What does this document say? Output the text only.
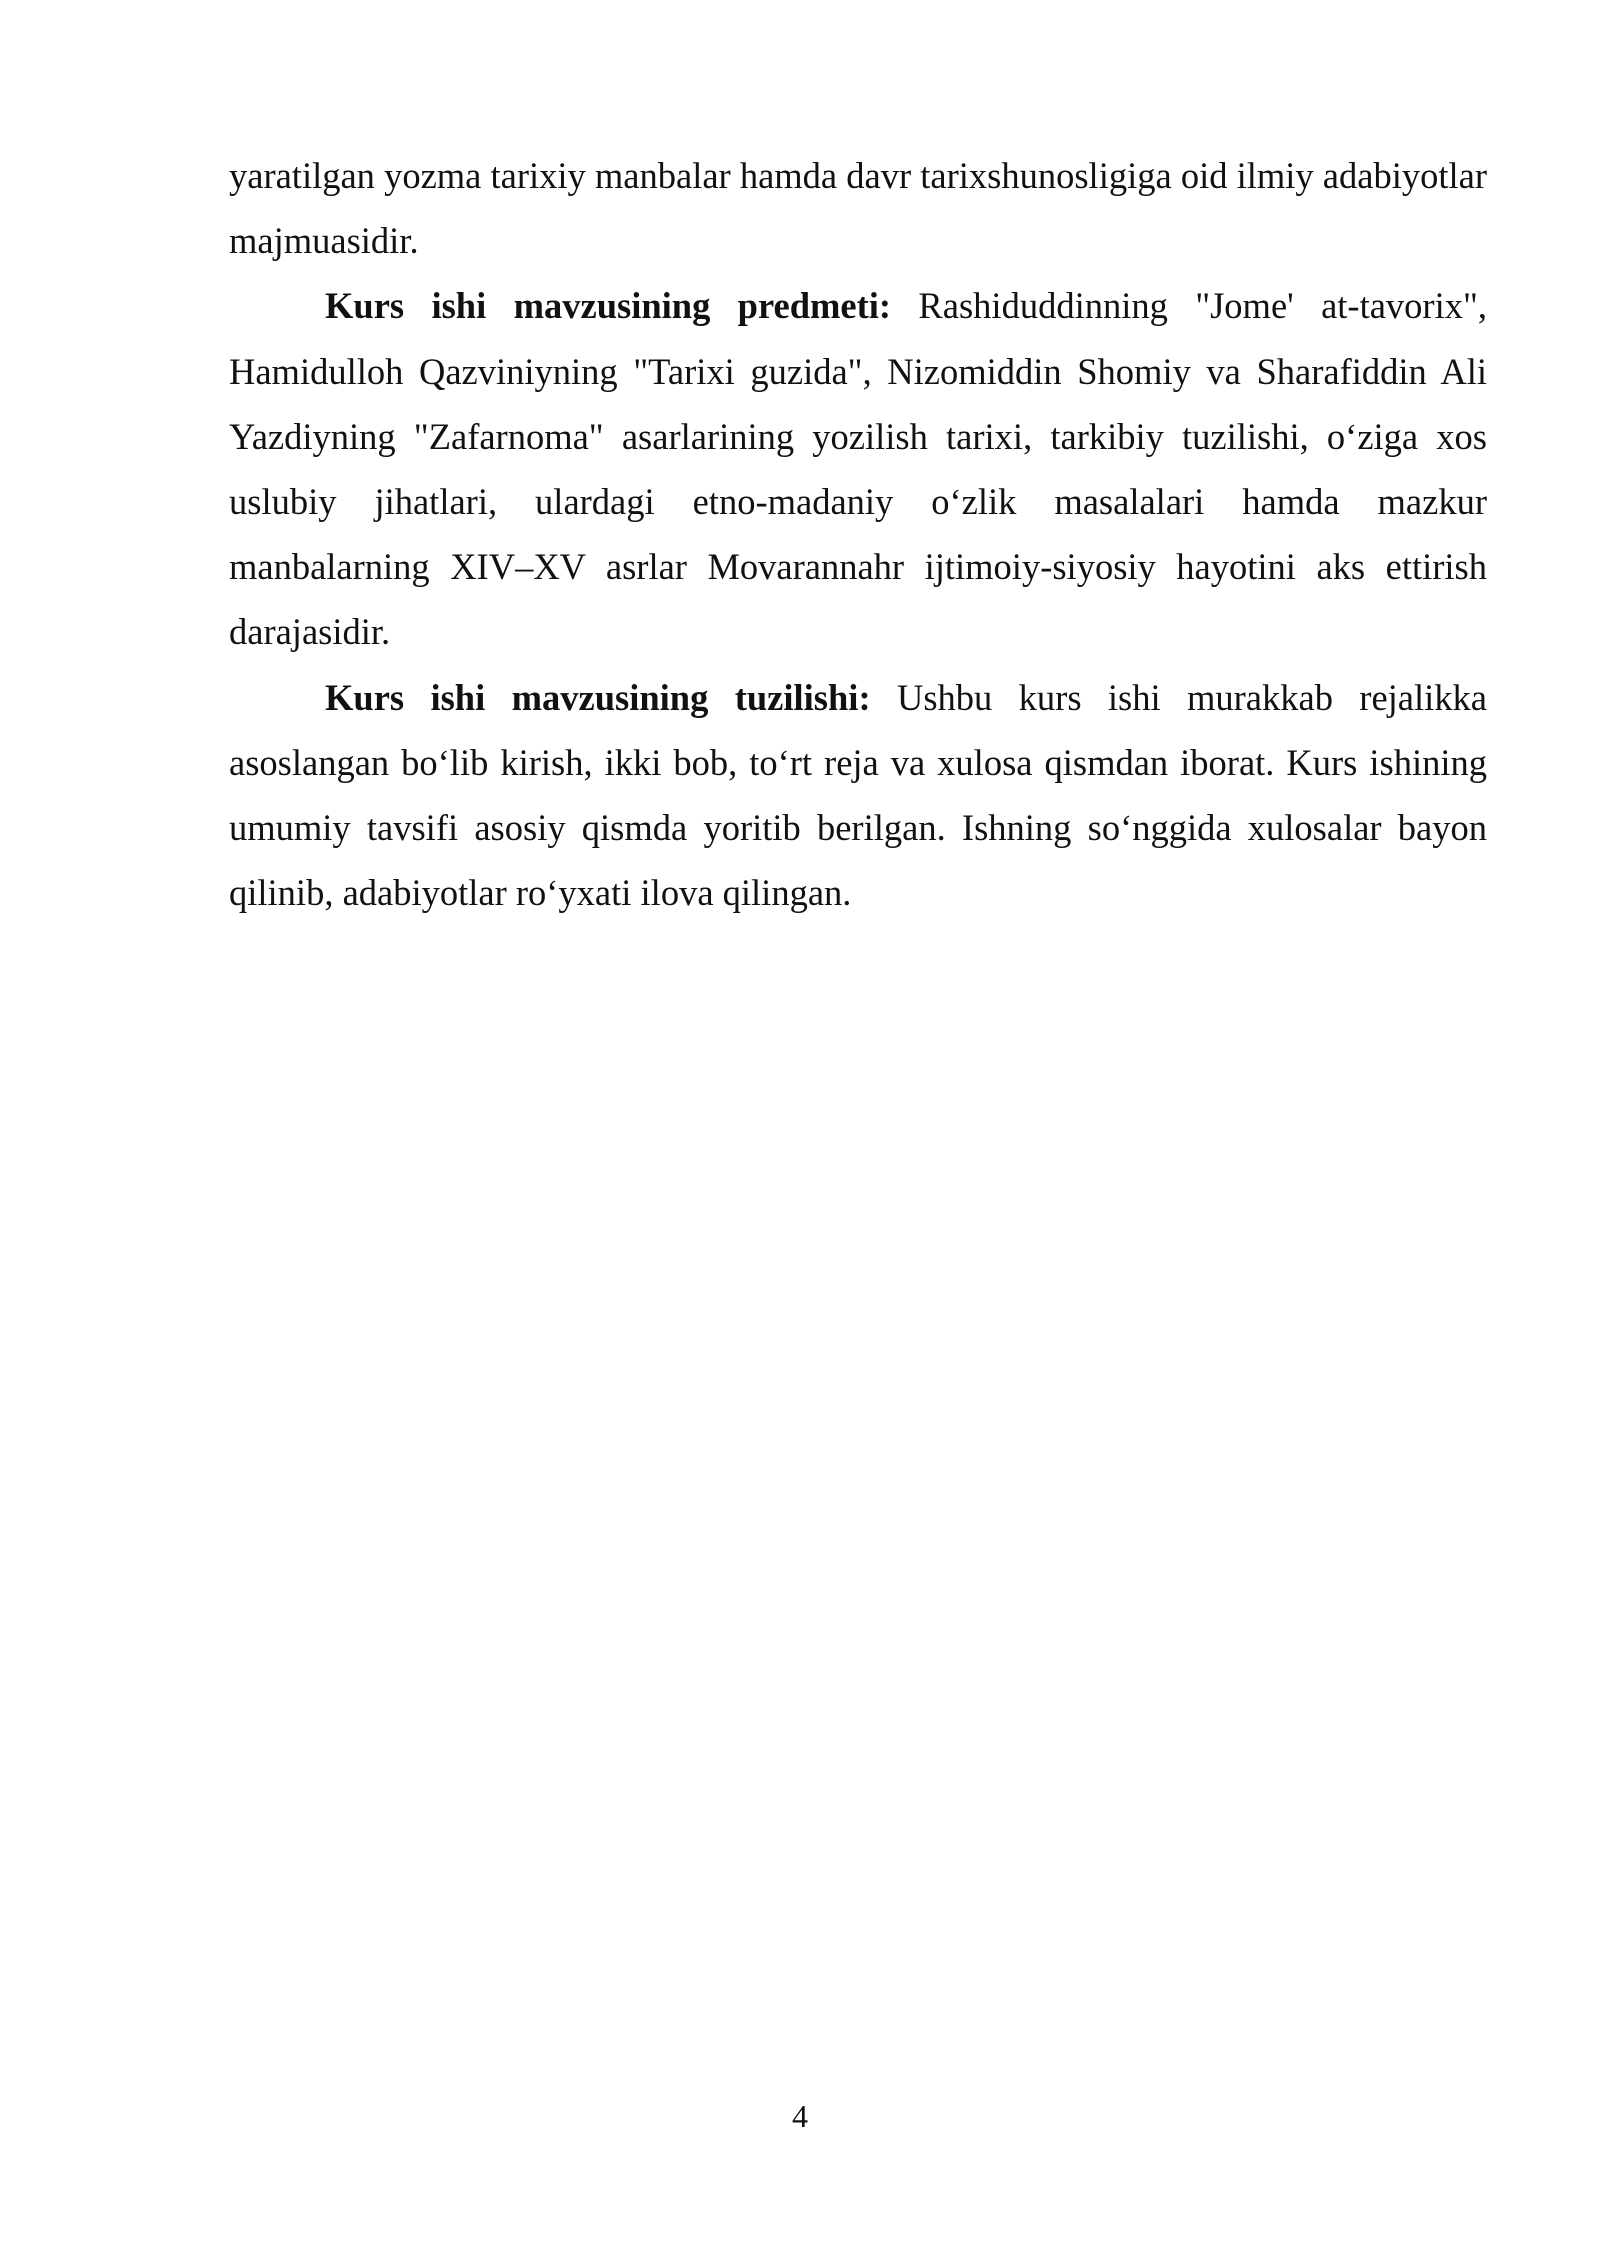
yaratilgan yozma tarixiy manbalar hamda davr tarixshunosligiga oid ilmiy adabiyotlar majmuasidir.

Kurs ishi mavzusining predmeti: Rashiduddinning "Jome' at-tavorix", Hamidulloh Qazviniyning "Tarixi guzida", Nizomiddin Shomiy va Sharafiddin Ali Yazdiyning "Zafarnoma" asarlarining yozilish tarixi, tarkibiy tuzilishi, o‘ziga xos uslubiy jihatlari, ulardagi etno-madaniy o‘zlik masalalari hamda mazkur manbalarning XIV–XV asrlar Movarannahr ijtimoiy-siyosiy hayotini aks ettirish darajasidir.

Kurs ishi mavzusining tuzilishi: Ushbu kurs ishi murakkab rejalikka asoslangan bo‘lib kirish, ikki bob, to‘rt reja va xulosa qismdan iborat. Kurs ishining umumiy tavsifi asosiy qismda yoritib berilgan. Ishning so‘nggida xulosalar bayon qilinib, adabiyotlar ro‘yxati ilova qilingan.

4
